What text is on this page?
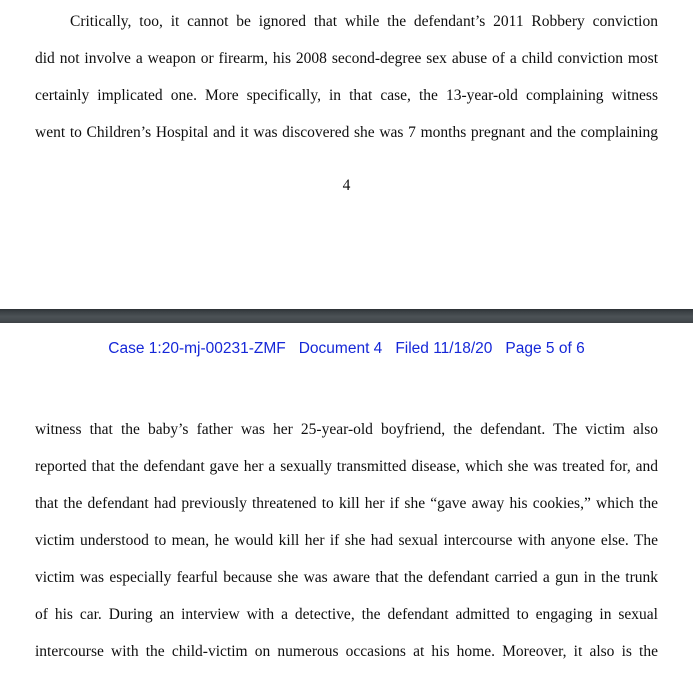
Critically, too, it cannot be ignored that while the defendant’s 2011 Robbery conviction
did not involve a weapon or firearm, his 2008 second-degree sex abuse of a child conviction most
certainly implicated one. More specifically, in that case, the 13-year-old complaining witness
went to Children’s Hospital and it was discovered she was 7 months pregnant and the complaining
4
Case 1:20-mj-00231-ZMF Document 4 Filed 11/18/20 Page 5 of 6
witness that the baby’s father was her 25-year-old boyfriend, the defendant. The victim also
reported that the defendant gave her a sexually transmitted disease, which she was treated for, and
that the defendant had previously threatened to kill her if she “gave away his cookies,” which the
victim understood to mean, he would kill her if she had sexual intercourse with anyone else. The
victim was especially fearful because she was aware that the defendant carried a gun in the trunk
of his car. During an interview with a detective, the defendant admitted to engaging in sexual
intercourse with the child-victim on numerous occasions at his home. Moreover, it also is the
